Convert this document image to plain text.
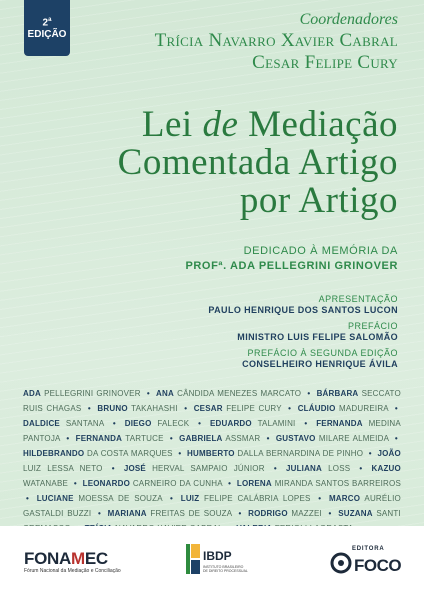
2$^a$
EDIÇÃO
Coordenadores
Trícia Navarro Xavier Cabral
Cesar Felipe Cury
Lei de Mediação
Comentada Artigo
por Artigo
DEDICADO À MEMÓRIA DA
PROFª. ADA PELLEGRINI GRINOVER
APRESENTAÇÃO
PAULO HENRIQUE DOS SANTOS LUCON
PREFÁCIO
MINISTRO LUIS FELIPE SALOMÃO
PREFÁCIO À SEGUNDA EDIÇÃO
CONSELHEIRO HENRIQUE ÁVILA
ADA PELLEGRINI GRINOVER • ANA CÂNDIDA MENEZES MARCATO • BÁRBARA SECCATO RUIS CHAGAS • BRUNO TAKAHASHI • CESAR FELIPE CURY • CLÁUDIO MADUREIRA • DALDICE SANTANA • DIEGO FALECK • EDUARDO TALAMINI • FERNANDA MEDINA PANTOJA • FERNANDA TARTUCE • GABRIELA ASSMAR • GUSTAVO MILARE ALMEIDA • HILDEBRANDO DA COSTA MARQUES • HUMBERTO DALLA BERNARDINA DE PINHO • JOÃO LUIZ LESSA NETO • JOSÉ HERVAL SAMPAIO JÚNIOR • JULIANA LOSS • KAZUO WATANABE • LEONARDO CARNEIRO DA CUNHA • LORENA MIRANDA SANTOS BARREIROS • LUCIANE MOESSA DE SOUZA • LUIZ FELIPE CALÁBRIA LOPES • MARCO AURÉLIO GASTALDI BUZZI • MARIANA FREITAS DE SOUZA • RODRIGO MAZZEI • SUZANA SANTI
FONAMEC
Fórum Nacional da Mediação e Conciliação
IBDP
INSTITUTO BRASILEIRO DE DIREITO PROCESSUAL
EDITORA
FOCO
